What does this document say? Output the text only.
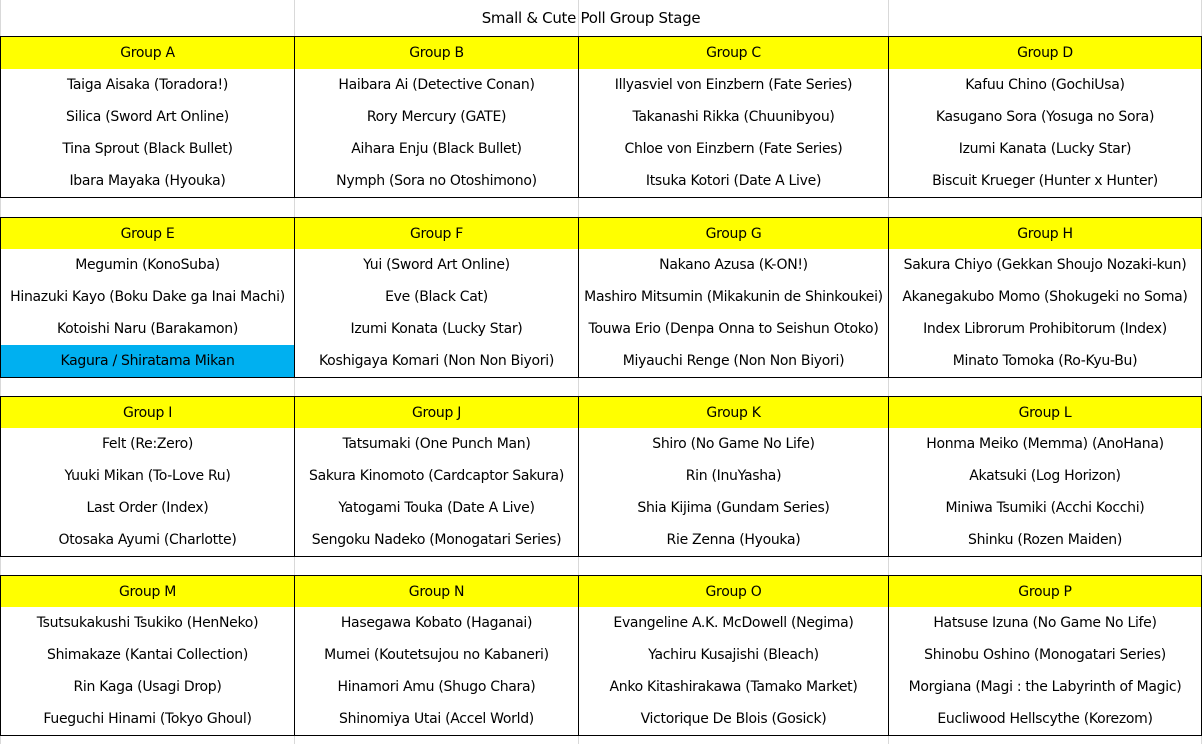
Small & Cute Poll Group Stage
Group A
Taiga Aisaka (Toradora!)
Silica (Sword Art Online)
Tina Sprout (Black Bullet)
Ibara Mayaka (Hyouka)
Group B
Haibara Ai (Detective Conan)
Rory Mercury (GATE)
Aihara Enju (Black Bullet)
Nymph (Sora no Otoshimono)
Group C
Illyasviel von Einzbern (Fate Series)
Takanashi Rikka (Chuunibyou)
Chloe von Einzbern (Fate Series)
Itsuka Kotori (Date A Live)
Group D
Kafuu Chino (GochiUsa)
Kasugano Sora (Yosuga no Sora)
Izumi Kanata (Lucky Star)
Biscuit Krueger (Hunter x Hunter)
Group E
Megumin (KonoSuba)
Hinazuki Kayo (Boku Dake ga Inai Machi)
Kotoishi Naru (Barakamon)
Kagura / Shiratama Mikan
Group F
Yui (Sword Art Online)
Eve (Black Cat)
Izumi Konata (Lucky Star)
Koshigaya Komari (Non Non Biyori)
Group G
Nakano Azusa (K-ON!)
Mashiro Mitsumin (Mikakunin de Shinkoukei)
Touwa Erio (Denpa Onna to Seishun Otoko)
Miyauchi Renge (Non Non Biyori)
Group H
Sakura Chiyo (Gekkan Shoujo Nozaki-kun)
Akanegakubo Momo (Shokugeki no Soma)
Index Librorum Prohibitorum (Index)
Minato Tomoka (Ro-Kyu-Bu)
Group I
Felt (Re:Zero)
Yuuki Mikan (To-Love Ru)
Last Order (Index)
Otosaka Ayumi (Charlotte)
Group J
Tatsumaki (One Punch Man)
Sakura Kinomoto (Cardcaptor Sakura)
Yatogami Touka (Date A Live)
Sengoku Nadeko (Monogatari Series)
Group K
Shiro (No Game No Life)
Rin (InuYasha)
Shia Kijima (Gundam Series)
Rie Zenna (Hyouka)
Group L
Honma Meiko (Memma) (AnoHana)
Akatsuki (Log Horizon)
Miniwa Tsumiki (Acchi Kocchi)
Shinku (Rozen Maiden)
Group M
Tsutsukakushi Tsukiko (HenNeko)
Shimakaze (Kantai Collection)
Rin Kaga (Usagi Drop)
Fueguchi Hinami (Tokyo Ghoul)
Group N
Hasegawa Kobato (Haganai)
Mumei (Koutetsujou no Kabaneri)
Hinamori Amu (Shugo Chara)
Shinomiya Utai (Accel World)
Group O
Evangeline A.K. McDowell (Negima)
Yachiru Kusajishi (Bleach)
Anko Kitashirakawa (Tamako Market)
Victorique De Blois (Gosick)
Group P
Hatsuse Izuna (No Game No Life)
Shinobu Oshino (Monogatari Series)
Morgiana (Magi : the Labyrinth of Magic)
Eucliwood Hellscythe (Korezom)
